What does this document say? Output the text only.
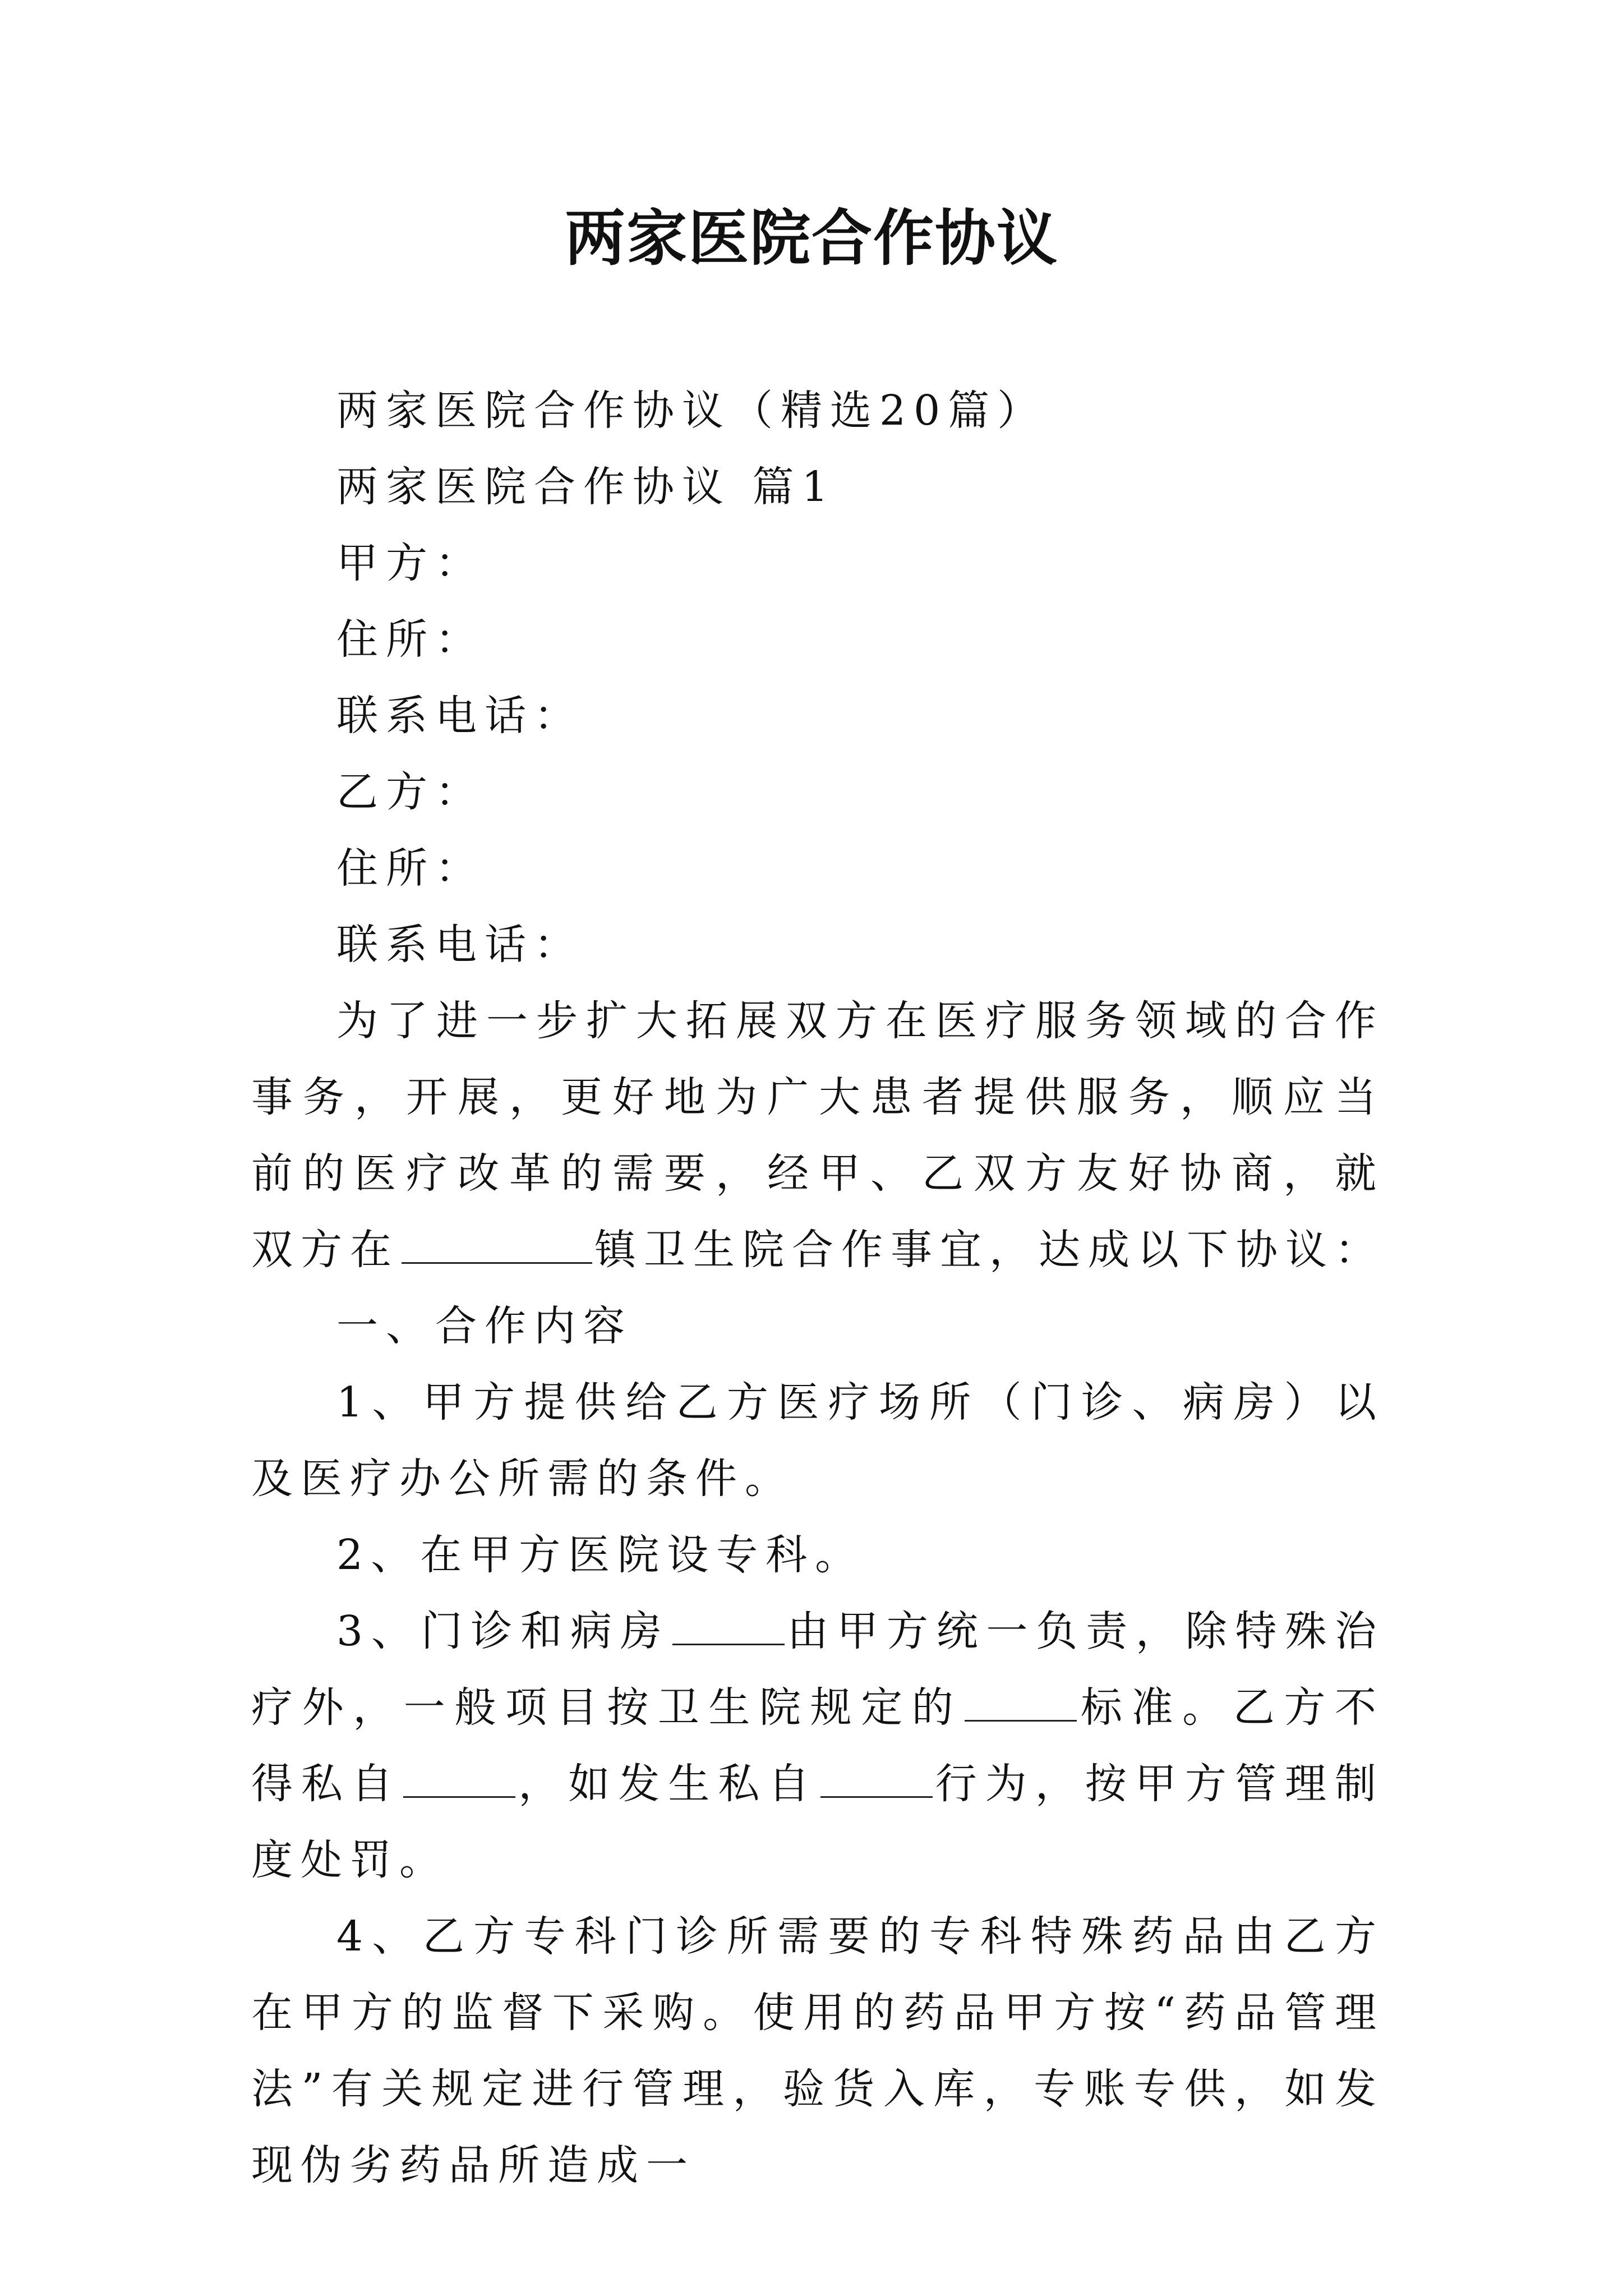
两家医院合作协议

两家医院合作协议（精选20篇）

两家医院合作协议 篇1

甲方：

住所：

联系电话：

乙方：

住所：

联系电话：

为了进一步扩大拓展双方在医疗服务领域的合作事务，开展，更好地为广大患者提供服务，顺应当前的医疗改革的需要，经甲、乙双方友好协商，就双方在	镇卫生院合作事宜，达成以下协议：

一、合作内容

1、甲方提供给乙方医疗场所（门诊、病房）以及医疗办公所需的条件。

2、在甲方医院设专科。

3、门诊和病房	由甲方统一负责，除特殊治疗外，一般项目按卫生院规定的	标准。乙方不得私自	，如发生私自	行为，按甲方管理制度处罚。

4、乙方专科门诊所需要的专科特殊药品由乙方在甲方的监督下采购。使用的药品甲方按“药品管理法”有关规定进行管理，验货入库，专账专供，如发现伪劣药品所造成一
